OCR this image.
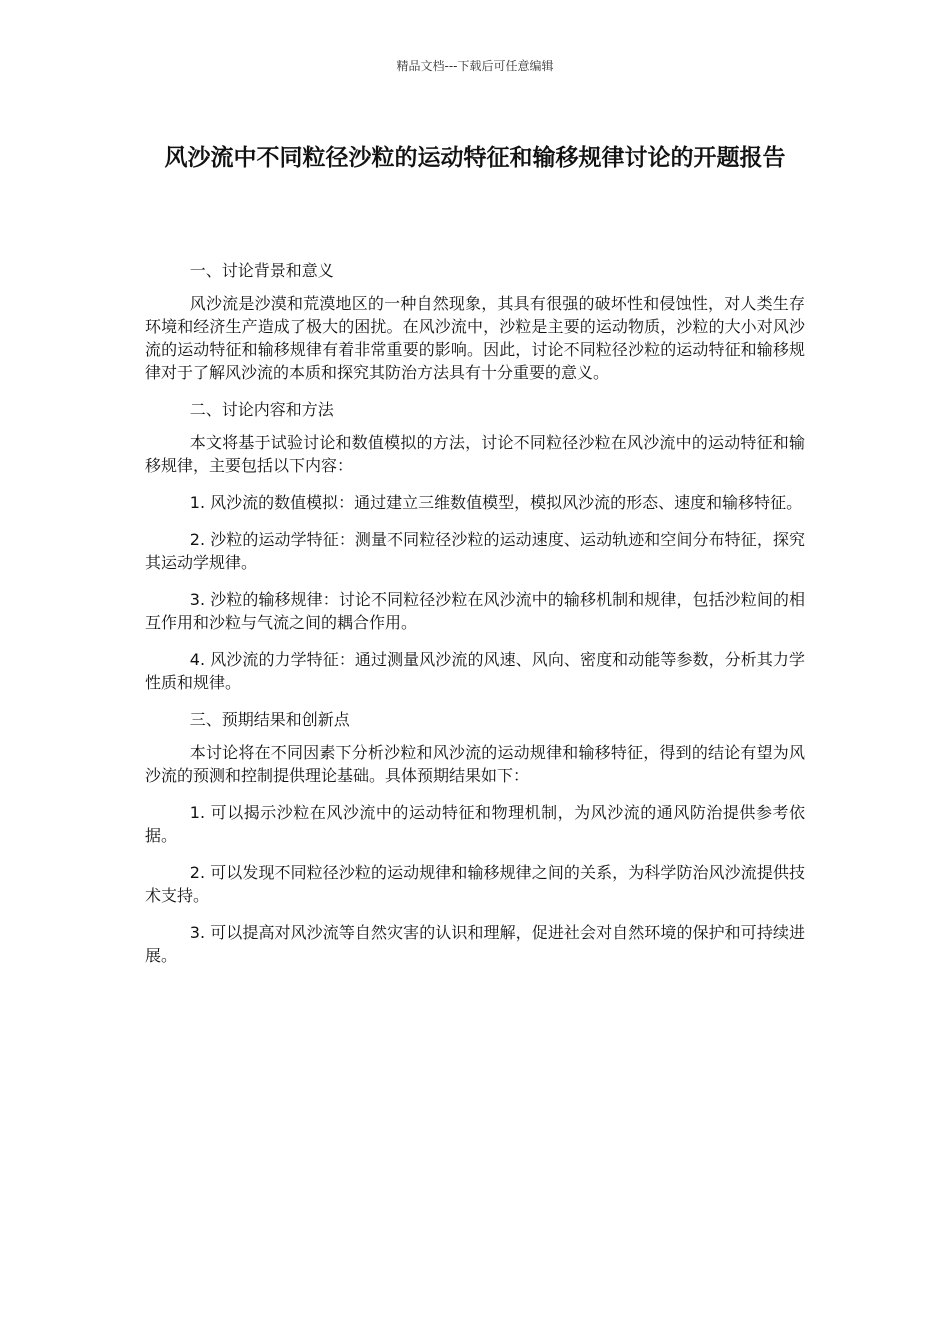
精品文档---下载后可任意编辑
风沙流中不同粒径沙粒的运动特征和输移规律讨论的开题报告

一、讨论背景和意义

风沙流是沙漠和荒漠地区的一种自然现象，其具有很强的破坏性和侵蚀性，对人类生存环境和经济生产造成了极大的困扰。在风沙流中，沙粒是主要的运动物质，沙粒的大小对风沙流的运动特征和输移规律有着非常重要的影响。因此，讨论不同粒径沙粒的运动特征和输移规律对于了解风沙流的本质和探究其防治方法具有十分重要的意义。

二、讨论内容和方法

本文将基于试验讨论和数值模拟的方法，讨论不同粒径沙粒在风沙流中的运动特征和输移规律，主要包括以下内容：

1. 风沙流的数值模拟：通过建立三维数值模型，模拟风沙流的形态、速度和输移特征。

2. 沙粒的运动学特征：测量不同粒径沙粒的运动速度、运动轨迹和空间分布特征，探究其运动学规律。

3. 沙粒的输移规律：讨论不同粒径沙粒在风沙流中的输移机制和规律，包括沙粒间的相互作用和沙粒与气流之间的耦合作用。

4. 风沙流的力学特征：通过测量风沙流的风速、风向、密度和动能等参数，分析其力学性质和规律。

三、预期结果和创新点

本讨论将在不同因素下分析沙粒和风沙流的运动规律和输移特征，得到的结论有望为风沙流的预测和控制提供理论基础。具体预期结果如下：

1. 可以揭示沙粒在风沙流中的运动特征和物理机制，为风沙流的通风防治提供参考依据。

2. 可以发现不同粒径沙粒的运动规律和输移规律之间的关系，为科学防治风沙流提供技术支持。

3. 可以提高对风沙流等自然灾害的认识和理解，促进社会对自然环境的保护和可持续进展。
